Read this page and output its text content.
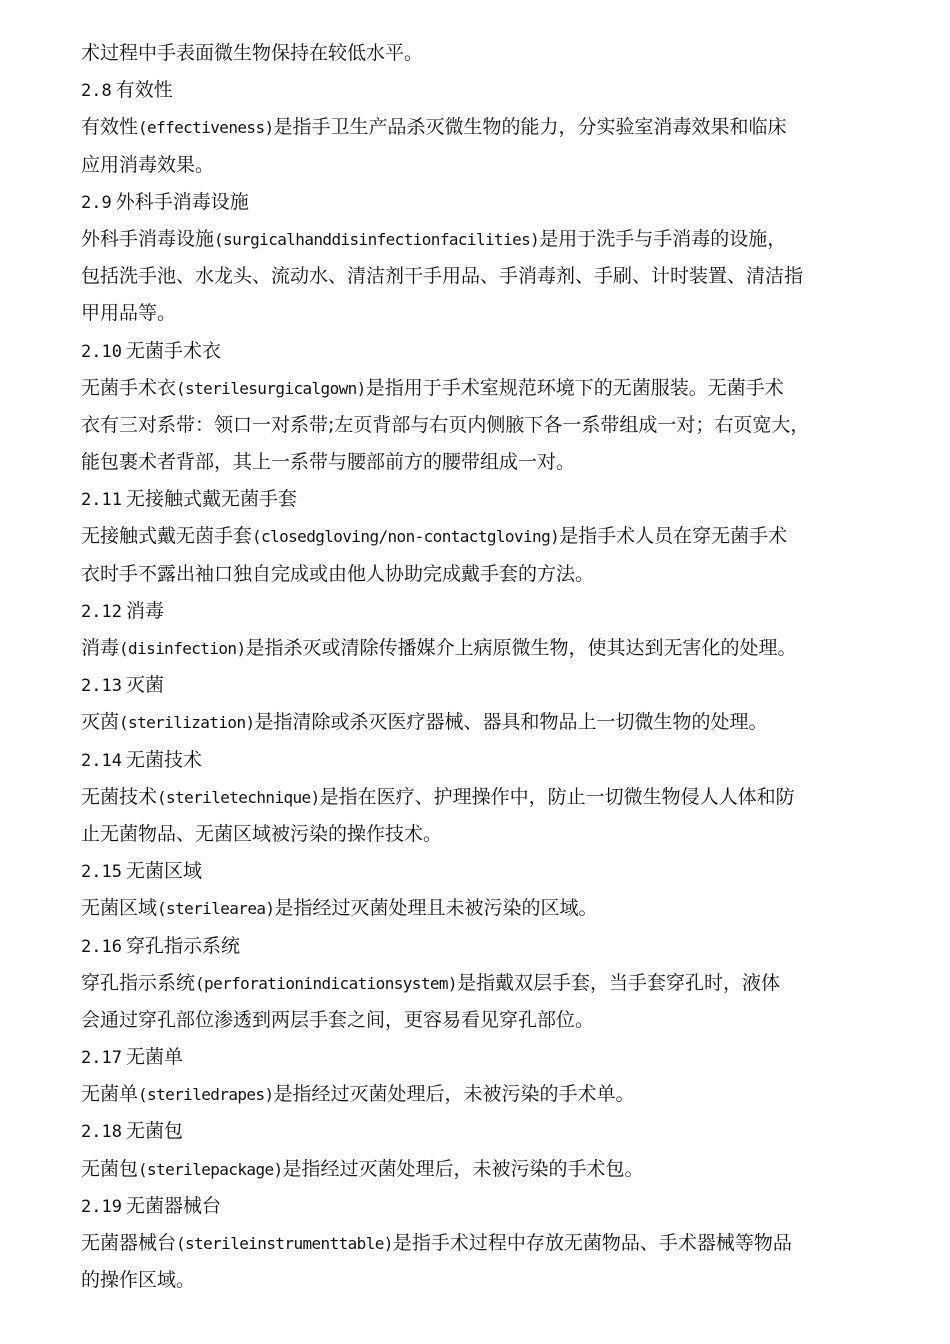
术过程中手表面微生物保持在较低水平。
2.8 有效性
有效性(effectiveness)是指手卫生产品杀灭微生物的能力，分实验室消毒效果和临床
应用消毒效果。
2.9 外科手消毒设施
外科手消毒设施(surgicalhanddisinfectionfacilities)是用于洗手与手消毒的设施，
包括洗手池、水龙头、流动水、清洁剂干手用品、手消毒剂、手刷、计时装置、清洁指
甲用品等。
2.10 无菌手术衣
无菌手术衣(sterilesurgicalgown)是指用于手术室规范环境下的无菌服装。无菌手术
衣有三对系带：领口一对系带;左页背部与右页内侧腋下各一系带组成一对；右页宽大，
能包裹术者背部，其上一系带与腰部前方的腰带组成一对。
2.11 无接触式戴无菌手套
无接触式戴无茵手套(closedgloving/non-contactgloving)是指手术人员在穿无菌手术
衣时手不露出袖口独自完成或由他人协助完成戴手套的方法。
2.12 消毒
消毒(disinfection)是指杀灭或清除传播媒介上病原微生物，使其达到无害化的处理。
2.13 灭菌
灭茵(sterilization)是指清除或杀灭医疗器械、器具和物品上一切微生物的处理。
2.14 无菌技术
无菌技术(steriletechnique)是指在医疗、护理操作中，防止一切微生物侵人人体和防
止无菌物品、无菌区域被污染的操作技术。
2.15 无菌区域
无菌区域(sterilearea)是指经过灭菌处理且未被污染的区域。
2.16 穿孔指示系统
穿孔指示系统(perforationindicationsystem)是指戴双层手套，当手套穿孔时，液体
会通过穿孔部位渗透到两层手套之间，更容易看见穿孔部位。
2.17 无菌单
无菌单(steriledrapes)是指经过灭菌处理后，未被污染的手术单。
2.18 无菌包
无菌包(sterilepackage)是指经过灭菌处理后，未被污染的手术包。
2.19 无菌器械台
无菌器械台(sterileinstrumenttable)是指手术过程中存放无菌物品、手术器械等物品
的操作区域。
